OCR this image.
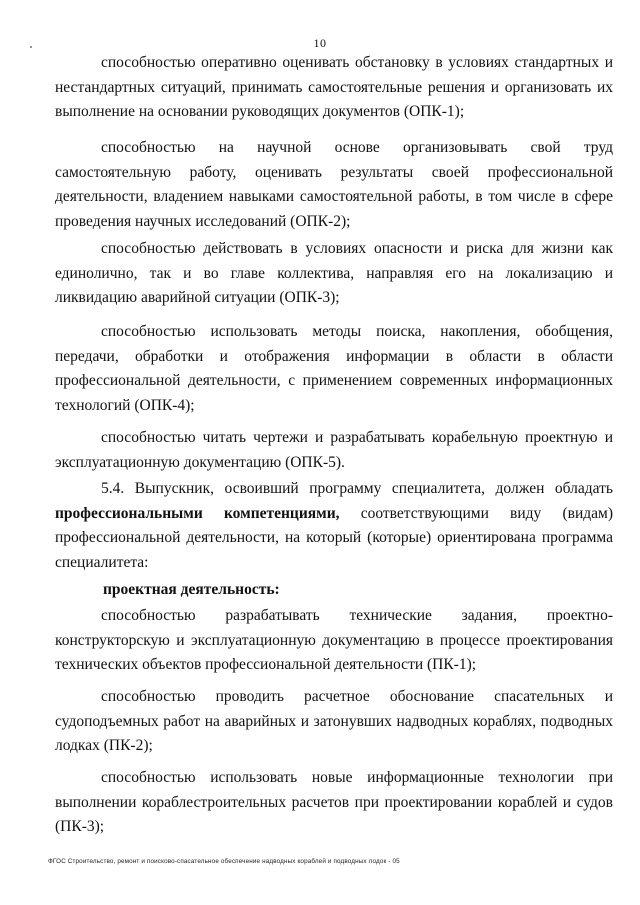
10

способностью оперативно оценивать обстановку в условиях стандартных и нестандартных ситуаций, принимать самостоятельные решения и организовать их выполнение на основании руководящих документов (ОПК-1);

способностью на научной основе организовывать свой труд самостоятельную работу, оценивать результаты своей профессиональной деятельности, владением навыками самостоятельной работы, в том числе в сфере проведения научных исследований (ОПК-2);

способностью действовать в условиях опасности и риска для жизни как единолично, так и во главе коллектива, направляя его на локализацию и ликвидацию аварийной ситуации (ОПК-3);

способностью использовать методы поиска, накопления, обобщения, передачи, обработки и отображения информации в области в области профессиональной деятельности, с применением современных информационных технологий (ОПК-4);

способностью читать чертежи и разрабатывать корабельную проектную и эксплуатационную документацию (ОПК-5).

5.4. Выпускник, освоивший программу специалитета, должен обладать профессиональными компетенциями, соответствующими виду (видам) профессиональной деятельности, на который (которые) ориентирована программа специалитета:

проектная деятельность:

способностью разрабатывать технические задания, проектно-конструкторскую и эксплуатационную документацию в процессе проектирования технических объектов профессиональной деятельности (ПК-1);

способностью проводить расчетное обоснование спасательных и судоподъемных работ на аварийных и затонувших надводных кораблях, подводных лодках (ПК-2);

способностью использовать новые информационные технологии при выполнении кораблестроительных расчетов при проектировании кораблей и судов (ПК-3);

ФГОС Строительство, ремонт и поисково-спасательное обеспечение надводных кораблей и подводных лодок - 05
